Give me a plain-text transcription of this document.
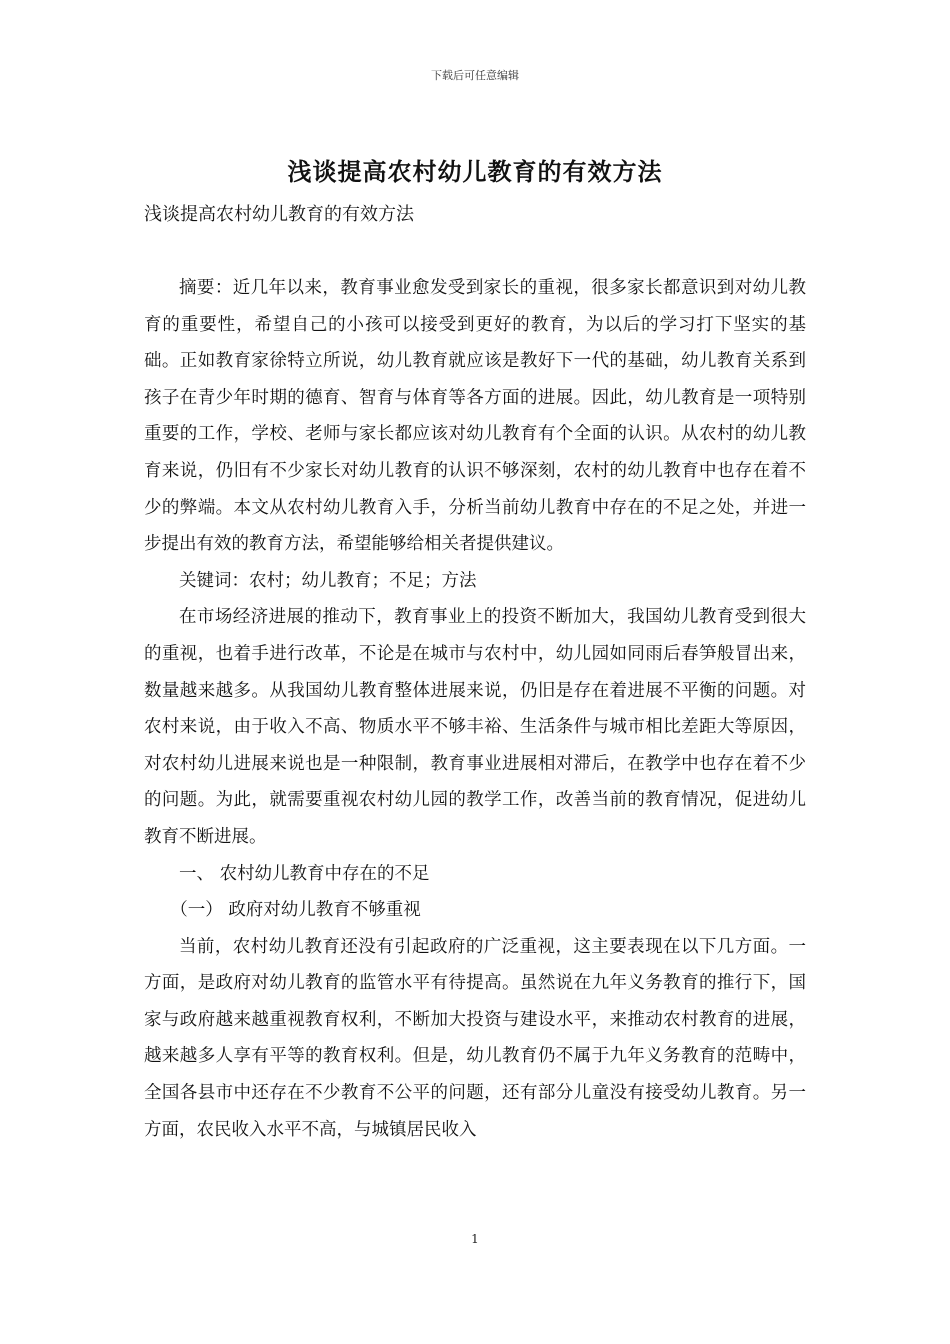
下载后可任意编辑
浅谈提高农村幼儿教育的有效方法
浅谈提高农村幼儿教育的有效方法

摘要：近几年以来，教育事业愈发受到家长的重视，很多家长都意识到对幼儿教育的重要性，希望自己的小孩可以接受到更好的教育，为以后的学习打下坚实的基础。正如教育家徐特立所说，幼儿教育就应该是教好下一代的基础，幼儿教育关系到孩子在青少年时期的德育、智育与体育等各方面的进展。因此，幼儿教育是一项特别重要的工作，学校、老师与家长都应该对幼儿教育有个全面的认识。从农村的幼儿教育来说，仍旧有不少家长对幼儿教育的认识不够深刻，农村的幼儿教育中也存在着不少的弊端。本文从农村幼儿教育入手，分析当前幼儿教育中存在的不足之处，并进一步提出有效的教育方法，希望能够给相关者提供建议。

关键词：农村；幼儿教育；不足；方法

在市场经济进展的推动下，教育事业上的投资不断加大，我国幼儿教育受到很大的重视，也着手进行改革，不论是在城市与农村中，幼儿园如同雨后春笋般冒出来，数量越来越多。从我国幼儿教育整体进展来说，仍旧是存在着进展不平衡的问题。对农村来说，由于收入不高、物质水平不够丰裕、生活条件与城市相比差距大等原因，对农村幼儿进展来说也是一种限制，教育事业进展相对滞后，在教学中也存在着不少的问题。为此，就需要重视农村幼儿园的教学工作，改善当前的教育情况，促进幼儿教育不断进展。

一、 农村幼儿教育中存在的不足

（一） 政府对幼儿教育不够重视

当前，农村幼儿教育还没有引起政府的广泛重视，这主要表现在以下几方面。一方面，是政府对幼儿教育的监管水平有待提高。虽然说在九年义务教育的推行下，国家与政府越来越重视教育权利，不断加大投资与建设水平，来推动农村教育的进展，越来越多人享有平等的教育权利。但是，幼儿教育仍不属于九年义务教育的范畴中，全国各县市中还存在不少教育不公平的问题，还有部分儿童没有接受幼儿教育。另一方面，农民收入水平不高，与城镇居民收入

1
